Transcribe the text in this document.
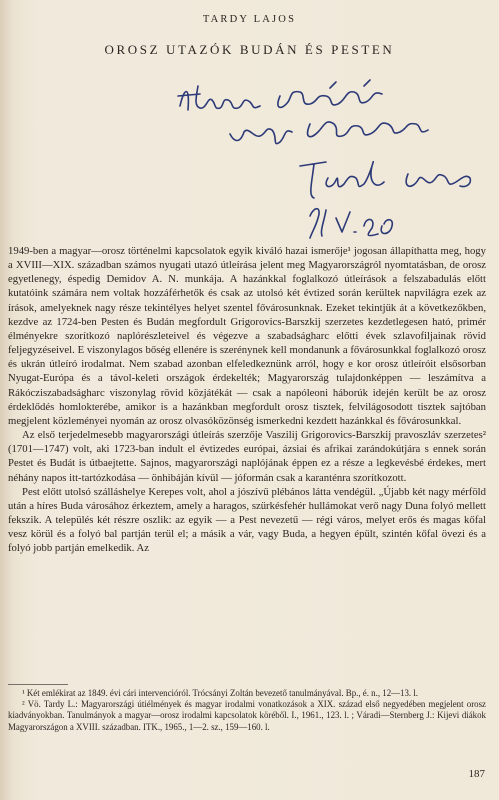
TARDY LAJOS
OROSZ UTAZÓK BUDÁN ÉS PESTEN

1949-ben a magyar—orosz történelmi kapcsolatok egyik kiváló hazai ismerője¹ jogosan állapíthatta meg, hogy a XVIII—XIX. században számos nyugati utazó útleírása jelent meg Magyarországról nyomtatásban, de orosz egyetlenegy, éspedig Demidov A. N. munkája. A hazánkkal foglalkozó útleírások a felszabadulás előtt kutatóink számára nem voltak hozzáférhetők és csak az utolsó két évtized során kerültek napvilágra ezek az írások, amelyeknek nagy része tekintélyes helyet szentel fővárosunknak. Ezeket tekintjük át a következőkben, kezdve az 1724-ben Pesten és Budán megfordult Grigorovics-Barszkij szerzetes kezdetlegesen ható, primér élményekre szorítkozó naplórészleteivel és végezve a szabadságharc előtti évek szlavofiljainak rövid feljegyzéseivel. E viszonylagos bőség ellenére is szerénynek kell mondanunk a fővárosunkkal foglalkozó orosz és ukrán útleíró irodalmat. Nem szabad azonban elfeledkeznünk arról, hogy e kor orosz útleíróit elsősorban Nyugat-Európa és a távol-keleti országok érdekelték; Magyarország tulajdonképpen — leszámítva a Rákócziszabadságharc viszonylag rövid közjátékát — csak a napóleoni háborúk idején került be az orosz érdeklődés homlokterébe, amikor is a hazánkban megfordult orosz tisztek, felvilágosodott tisztek sajtóban megjelent közleményei nyomán az orosz olvasóközönség ismerkedni kezdett hazánkkal és fővárosunkkal.

Az első terjedelmesebb magyarországi útleírás szerzője Vaszilij Grigorovics-Barszkij pravoszláv szerzetes² (1701—1747) volt, aki 1723-ban indult el évtizedes európai, ázsiai és afrikai zarándokútjára s ennek során Pestet és Budát is útbaejtette. Sajnos, magyarországi naplójának éppen ez a része a legkevésbé érdekes, mert néhány napos itt-tartózkodása — önhibáján kívül — jóformán csak a karanténra szorítkozott.

Pest előtt utolsó szálláshelye Kerepes volt, ahol a jószívű plébános látta vendégül. „Újabb két nagy mérföld után a híres Buda városához érkeztem, amely a haragos, szürkésfehér hullámokat verő nagy Duna folyó mellett fekszik. A település két részre oszlik: az egyik — a Pest nevezetű — régi város, melyet erős és magas kőfal vesz körül és a folyó bal partján terül el; a másik a vár, vagy Buda, a hegyen épült, szintén kőfal övezi és a folyó jobb partján emelkedik. Az

¹ Két emlékirat az 1849. évi cári intervencióról. Trócsányi Zoltán bevezető tanulmányával. Bp., é. n., 12—13. l.

² Vö. Tardy L.: Magyarországi útiélmények és magyar irodalmi vonatkozások a XIX. század első negyedében megjelent orosz kiadványokban. Tanulmányok a magyar—orosz irodalmi kapcsolatok köréből. I., 1961., 123. l. ; Váradi—Sternberg J.: Kijevi diákok Magyarországon a XVIII. században. ITK., 1965., 1—2. sz., 159—160. l.

187
